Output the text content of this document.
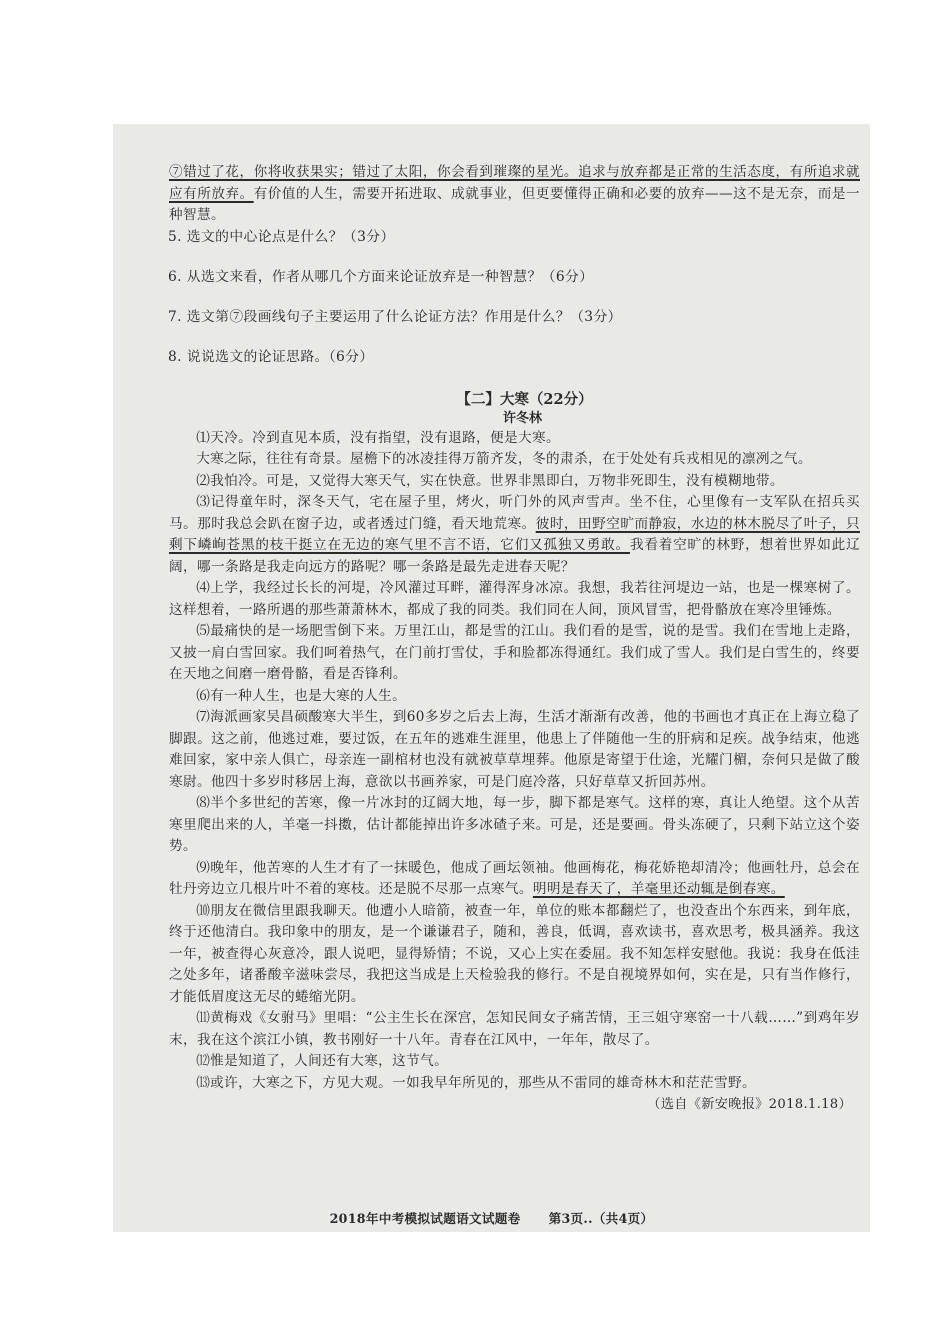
⑦错过了花，你将收获果实；错过了太阳，你会看到璀璨的星光。追求与放弃都是正常的生活态度，有所追求就应有所放弃。有价值的人生，需要开拓进取、成就事业，但更要懂得正确和必要的放弃——这不是无奈，而是一种智慧。

5. 选文的中心论点是什么？（3分）

6. 从选文来看，作者从哪几个方面来论证放弃是一种智慧？（6分）

7. 选文第⑦段画线句子主要运用了什么论证方法？作用是什么？（3分）

8. 说说选文的论证思路。（6分）

【二】大寒（22分）

许冬林

⑴天冷。冷到直见本质，没有指望，没有退路，便是大寒。

大寒之际，往往有奇景。屋檐下的冰凌挂得万箭齐发，冬的肃杀，在于处处有兵戎相见的凛冽之气。

⑵我怕冷。可是，又觉得大寒天气，实在快意。世界非黑即白，万物非死即生，没有模糊地带。

⑶记得童年时，深冬天气，宅在屋子里，烤火，听门外的风声雪声。坐不住，心里像有一支军队在招兵买马。那时我总会趴在窗子边，或者透过门缝，看天地荒寒。彼时，田野空旷而静寂，水边的林木脱尽了叶子，只剩下嶙峋苍黑的枝干挺立在无边的寒气里不言不语，它们又孤独又勇敢。我看着空旷的林野，想着世界如此辽阔，哪一条路是我走向远方的路呢？哪一条路是最先走进春天呢？

⑷上学，我经过长长的河堤，冷风灌过耳畔，灌得浑身冰凉。我想，我若往河堤边一站，也是一棵寒树了。这样想着，一路所遇的那些萧萧林木，都成了我的同类。我们同在人间，顶风冒雪，把骨骼放在寒冷里锤炼。

⑸最痛快的是一场肥雪倒下来。万里江山，都是雪的江山。我们看的是雪，说的是雪。我们在雪地上走路，又披一肩白雪回家。我们呵着热气，在门前打雪仗，手和脸都冻得通红。我们成了雪人。我们是白雪生的，终要在天地之间磨一磨骨骼，看是否锋利。

⑹有一种人生，也是大寒的人生。

⑺海派画家吴昌硕酸寒大半生，到60多岁之后去上海，生活才渐渐有改善，他的书画也才真正在上海立稳了脚跟。这之前，他逃过难，要过饭，在五年的逃难生涯里，他患上了伴随他一生的肝病和足疾。战争结束，他逃难回家，家中亲人俱亡，母亲连一副棺材也没有就被草草埋葬。他原是寄望于仕途，光耀门楣，奈何只是做了酸寒尉。他四十多岁时移居上海，意欲以书画养家，可是门庭冷落，只好草草又折回苏州。

⑻半个多世纪的苦寒，像一片冰封的辽阔大地，每一步，脚下都是寒气。这样的寒，真让人绝望。这个从苦寒里爬出来的人，羊毫一抖擞，估计都能掉出许多冰碴子来。可是，还是要画。骨头冻硬了，只剩下站立这个姿势。

⑼晚年，他苦寒的人生才有了一抹暖色，他成了画坛领袖。他画梅花，梅花娇艳却清冷；他画牡丹，总会在牡丹旁边立几根片叶不着的寒枝。还是脱不尽那一点寒气。明明是春天了，羊毫里还动辄是倒春寒。

⑽朋友在微信里跟我聊天。他遭小人暗箭，被查一年，单位的账本都翻烂了，也没查出个东西来，到年底，终于还他清白。我印象中的朋友，是一个谦谦君子，随和，善良，低调，喜欢读书，喜欢思考，极具涵养。我这一年，被查得心灰意冷，跟人说吧，显得矫情；不说，又心上实在委屈。我不知怎样安慰他。我说：我身在低洼之处多年，诸番酸辛滋味尝尽，我把这当成是上天检验我的修行。不是自视境界如何，实在是，只有当作修行，才能低眉度这无尽的蜷缩光阴。

⑾黄梅戏《女驸马》里唱：“公主生长在深宫，怎知民间女子痛苦情，王三姐守寒窑一十八载……”到鸡年岁末，我在这个滨江小镇，教书刚好一十八年。青春在江风中，一年年，散尽了。

⑿惟是知道了，人间还有大寒，这节气。

⒀或许，大寒之下，方见大观。一如我早年所见的，那些从不雷同的雄奇林木和茫茫雪野。

（选自《新安晚报》2018.1.18）

2018年中考模拟试题语文试题卷 第3页..（共4页）
